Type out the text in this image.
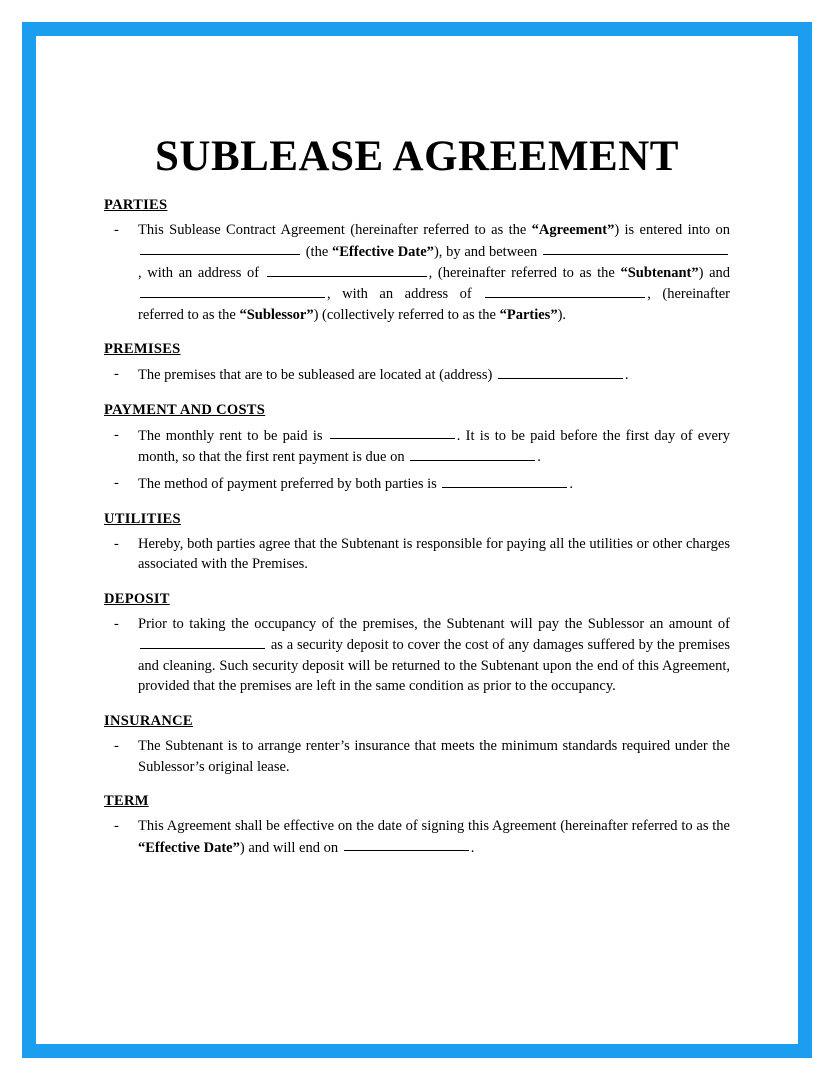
SUBLEASE AGREEMENT
PARTIES
-	This Sublease Contract Agreement (hereinafter referred to as the “Agreement”) is entered into on  (the “Effective Date”), by and between , with an address of	, (hereinafter referred to as the “Subtenant”) and , with an address of	, (hereinafter referred to as the “Sublessor”) (collectively referred to as the “Parties”).
PREMISES
-	The premises that are to be subleased are located at (address)	.
PAYMENT AND COSTS
-	The monthly rent to be paid is	. It is to be paid before the first day of every month, so that the first rent payment is due on	.
-	The method of payment preferred by both parties is	.
UTILITIES
-	Hereby, both parties agree that the Subtenant is responsible for paying all the utilities or other charges associated with the Premises.
DEPOSIT
-	Prior to taking the occupancy of the premises, the Subtenant will pay the Sublessor an amount of  as a security deposit to cover the cost of any damages suffered by the premises and cleaning. Such security deposit will be returned to the Subtenant upon the end of this Agreement, provided that the premises are left in the same condition as prior to the occupancy.
INSURANCE
-	The Subtenant is to arrange renter’s insurance that meets the minimum standards required under the Sublessor’s original lease.
TERM
-	This Agreement shall be effective on the date of signing this Agreement (hereinafter referred to as the “Effective Date”) and will end on	.
